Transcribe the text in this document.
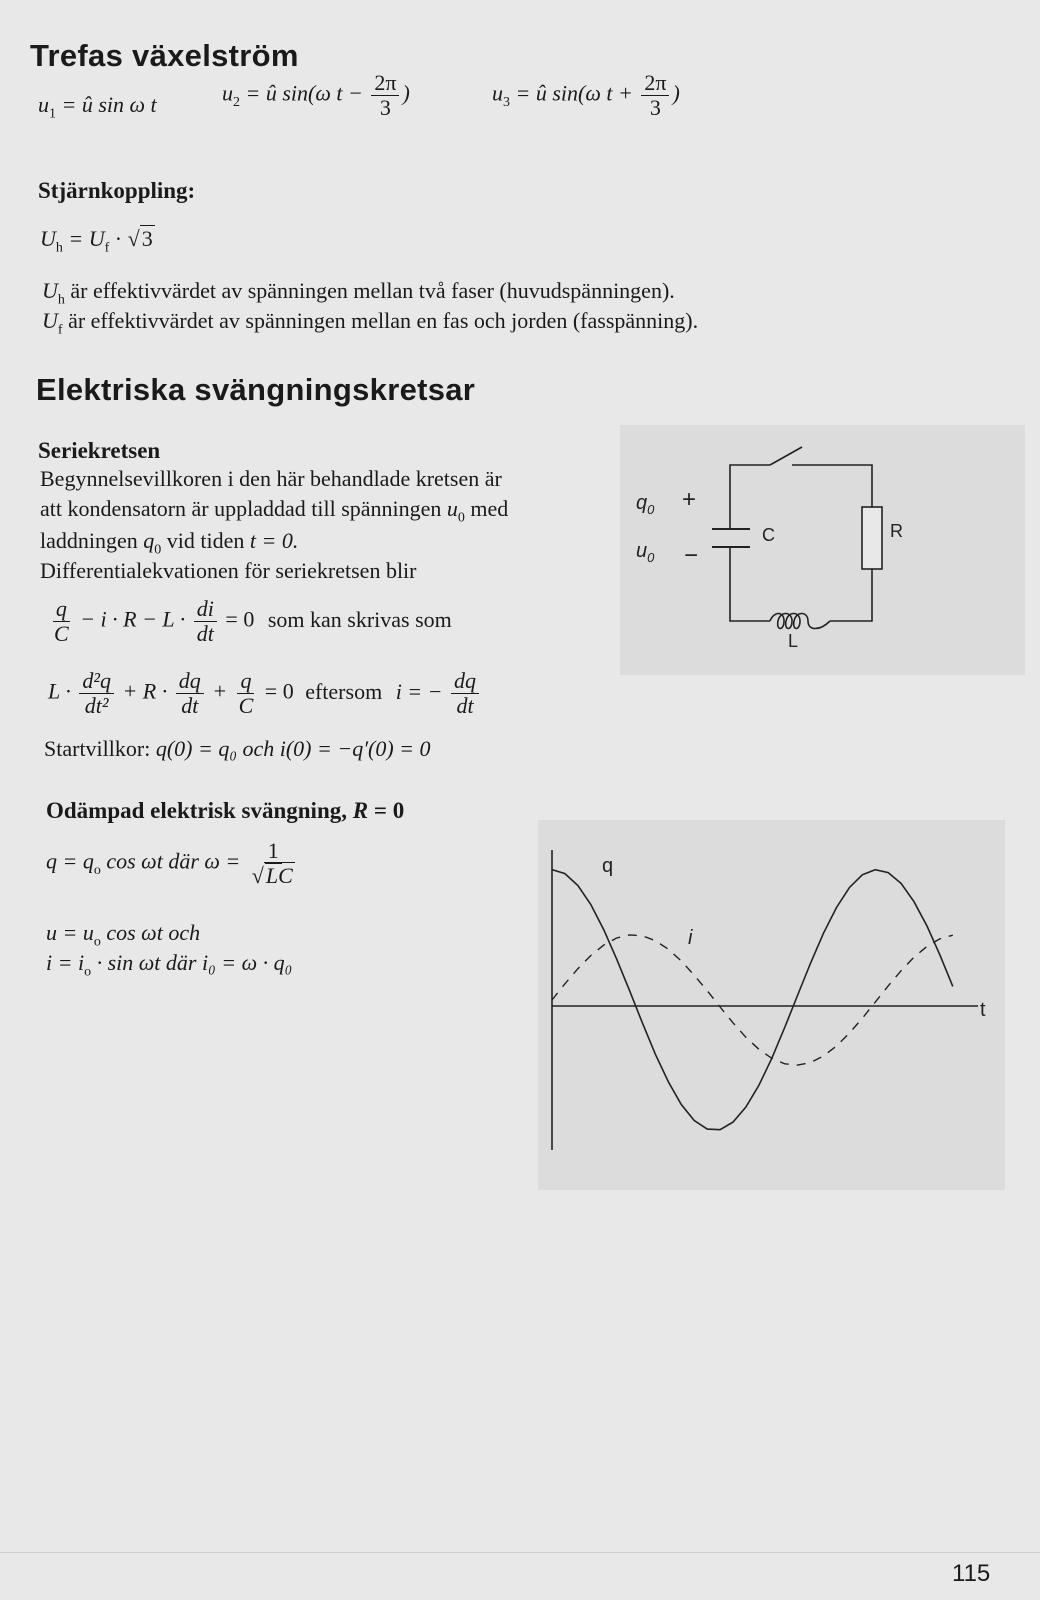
Trefas växelström
$u_1$ = û sin ω t	$u_2$ = û sin(ω $t - \frac{2\pi}{3}$ )	$u_3$ = û sin(ω $t + \frac{2\pi}{3}$ )
Stjärnkoppling:
$U_h = U_f \cdot √3$
$U_h$ är effektivvärdet av spänningen mellan två faser (huvudspänningen).
$U_f$ är effektivvärdet av spänningen mellan en fas och jorden (fasspänning).
Elektriska svängningskretsar
Seriekretsen
Begynnelsevillkoren i den här behandlade kretsen är
att kondensatorn är uppladdad till spänningen $u_0$ med
laddningen $q_0$ vid tiden t = 0.
Differentialekvationen för seriekretsen blir
$\frac{q}{C} - i \cdot R - L \cdot \frac{di}{dt} = 0$ som kan skrivas som
$L \cdot \frac{\text{d²q}}{\text{dt²}} + R \cdot \frac{dq}{dt} + \frac{q}{C} = 0$ eftersom i = − $\frac{dq}{dt}$
Startvillkor: q(0) = q₀ och i(0) = −q′(0) = 0
$q_0$
$u_0$
+
−
C	R
L
Odämpad elektrisk svängning, R = 0
$q = q_o$ cos ωt där $\omega = \frac{1}{√LC}$
$u = u_o$ cos ωt och
$i = i_o \cdot \sin \omega t$ där i₀ = ω · q₀
q
i
t
115
